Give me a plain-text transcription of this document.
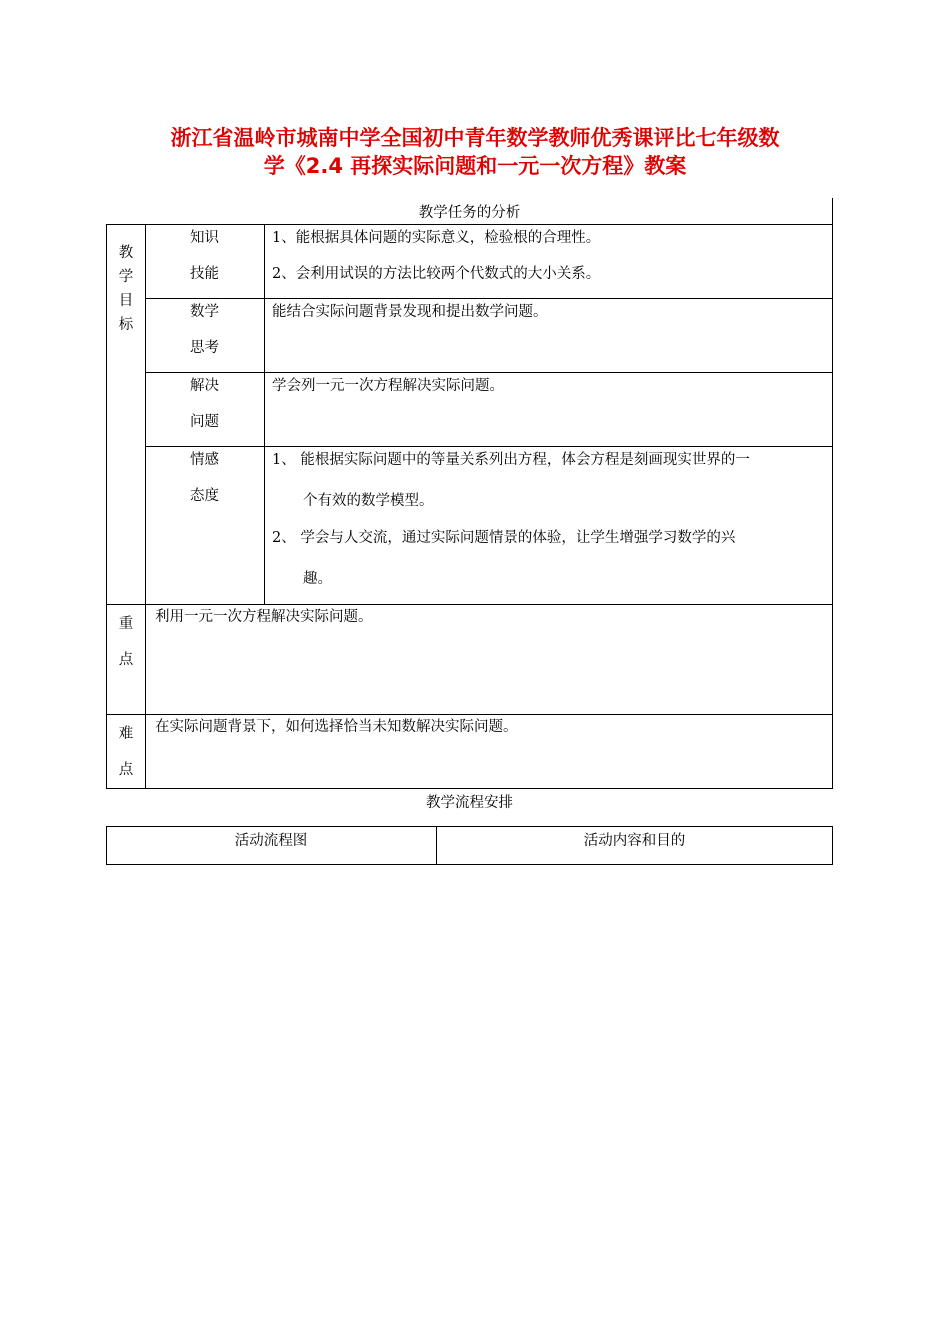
浙江省温岭市城南中学全国初中青年数学教师优秀课评比七年级数
学《2.4 再探实际问题和一元一次方程》教案
教学任务的分析
教
学
目
标
知识
技能
1、能根据具体问题的实际意义，检验根的合理性。
2、会利用试误的方法比较两个代数式的大小关系。
数学
思考
能结合实际问题背景发现和提出数学问题。
解决
问题
学会列一元一次方程解决实际问题。
情感
态度
1、 能根据实际问题中的等量关系列出方程，体会方程是刻画现实世界的一
个有效的数学模型。
2、 学会与人交流，通过实际问题情景的体验，让学生增强学习数学的兴
趣。
重
点
利用一元一次方程解决实际问题。
难
点
在实际问题背景下，如何选择恰当未知数解决实际问题。
教学流程安排
活动流程图	活动内容和目的
